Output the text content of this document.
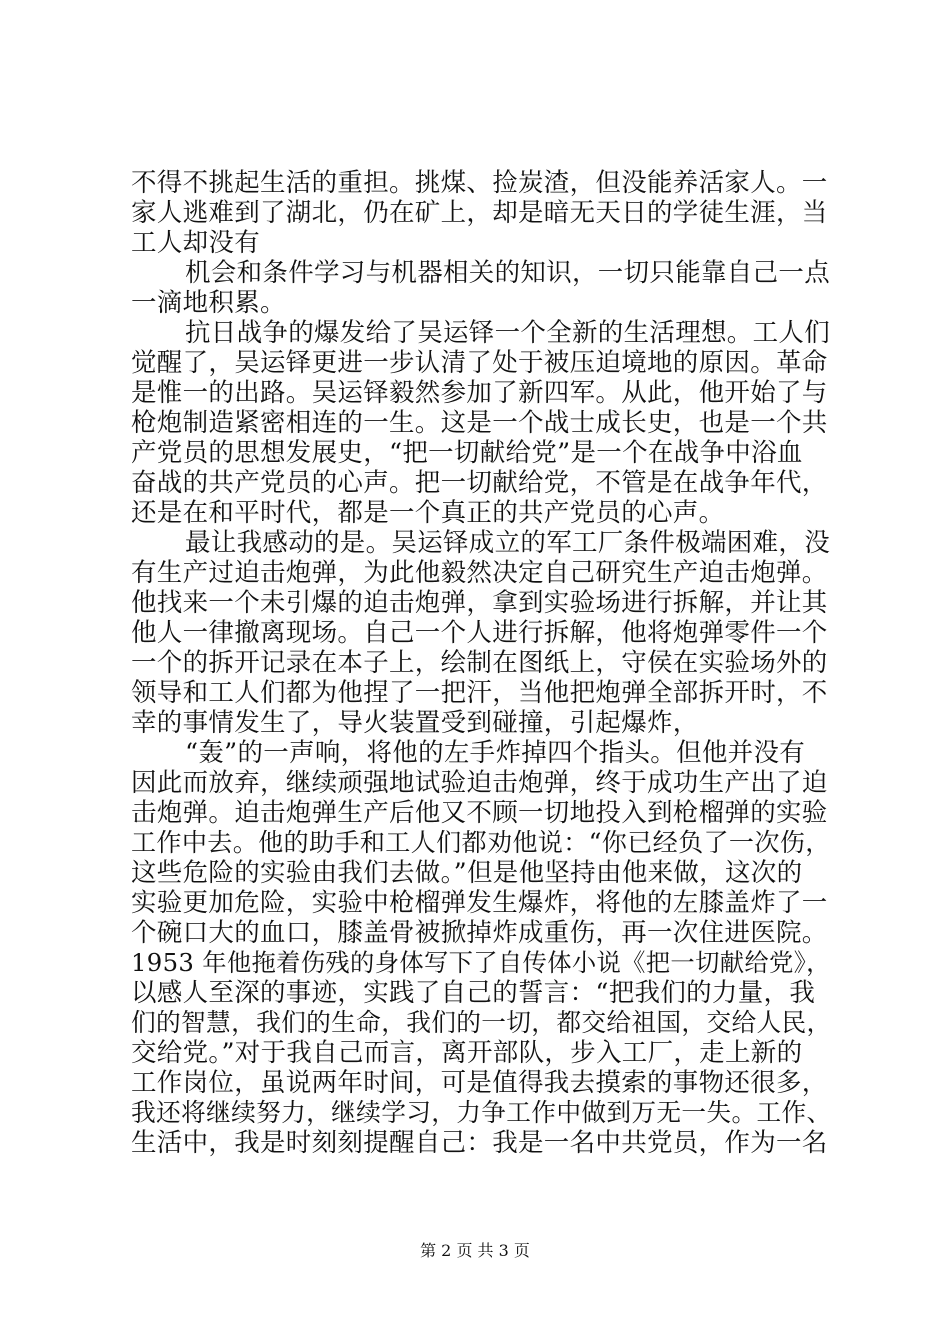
不得不挑起生活的重担。挑煤、捡炭渣，但没能养活家人。一
家人逃难到了湖北，仍在矿上，却是暗无天日的学徒生涯，当
工人却没有
机会和条件学习与机器相关的知识，一切只能靠自己一点
一滴地积累。
抗日战争的爆发给了吴运铎一个全新的生活理想。工人们
觉醒了，吴运铎更进一步认清了处于被压迫境地的原因。革命
是惟一的出路。吴运铎毅然参加了新四军。从此，他开始了与
枪炮制造紧密相连的一生。这是一个战士成长史，也是一个共
产党员的思想发展史，“把一切献给党”是一个在战争中浴血
奋战的共产党员的心声。把一切献给党，不管是在战争年代，
还是在和平时代，都是一个真正的共产党员的心声。
最让我感动的是。吴运铎成立的军工厂条件极端困难，没
有生产过迫击炮弹，为此他毅然决定自己研究生产迫击炮弹。
他找来一个未引爆的迫击炮弹，拿到实验场进行拆解，并让其
他人一律撤离现场。自己一个人进行拆解，他将炮弹零件一个
一个的拆开记录在本子上，绘制在图纸上，守侯在实验场外的
领导和工人们都为他捏了一把汗，当他把炮弹全部拆开时，不
幸的事情发生了，导火装置受到碰撞，引起爆炸，
“轰”的一声响，将他的左手炸掉四个指头。但他并没有
因此而放弃，继续顽强地试验迫击炮弹，终于成功生产出了迫
击炮弹。迫击炮弹生产后他又不顾一切地投入到枪榴弹的实验
工作中去。他的助手和工人们都劝他说：“你已经负了一次伤，
这些危险的实验由我们去做。”但是他坚持由他来做，这次的
实验更加危险，实验中枪榴弹发生爆炸，将他的左膝盖炸了一
个碗口大的血口，膝盖骨被掀掉炸成重伤，再一次住进医院。
1953 年他拖着伤残的身体写下了自传体小说《把一切献给党》，
以感人至深的事迹，实践了自己的誓言：“把我们的力量，我
们的智慧，我们的生命，我们的一切，都交给祖国，交给人民，
交给党。”对于我自己而言，离开部队，步入工厂，走上新的
工作岗位，虽说两年时间，可是值得我去摸索的事物还很多，
我还将继续努力，继续学习，力争工作中做到万无一失。工作、
生活中，我是时刻刻提醒自己：我是一名中共党员，作为一名
第 2 页 共 3 页
